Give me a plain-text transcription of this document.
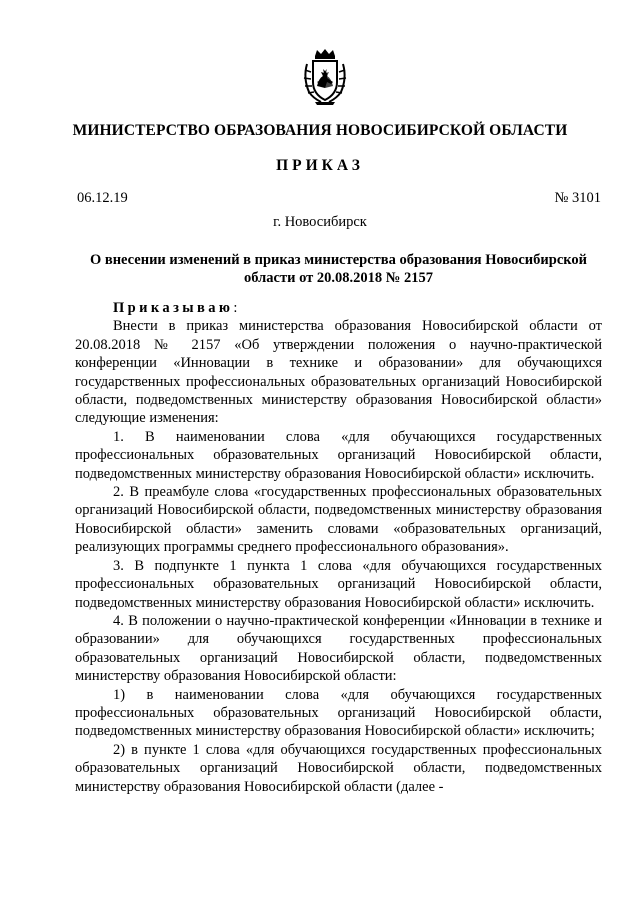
МИНИСТЕРСТВО ОБРАЗОВАНИЯ НОВОСИБИРСКОЙ ОБЛАСТИ
ПРИКАЗ
06.12.19	№ 3101
г. Новосибирск
О внесении изменений в приказ министерства образования Новосибирской области от 20.08.2018 № 2157

Приказываю:

Внести в приказ министерства образования Новосибирской области от 20.08.2018 № 2157 «Об утверждении положения о научно-практической конференции «Инновации в технике и образовании» для обучающихся государственных профессиональных образовательных организаций Новосибирской области, подведомственных министерству образования Новосибирской области» следующие изменения:

1. В наименовании слова «для обучающихся государственных профессиональных образовательных организаций Новосибирской области, подведомственных министерству образования Новосибирской области» исключить.

2. В преамбуле слова «государственных профессиональных образовательных организаций Новосибирской области, подведомственных министерству образования Новосибирской области» заменить словами «образовательных организаций, реализующих программы среднего профессионального образования».

3. В подпункте 1 пункта 1 слова «для обучающихся государственных профессиональных образовательных организаций Новосибирской области, подведомственных министерству образования Новосибирской области» исключить.

4. В положении о научно-практической конференции «Инновации в технике и образовании» для обучающихся государственных профессиональных образовательных организаций Новосибирской области, подведомственных министерству образования Новосибирской области:

1) в наименовании слова «для обучающихся государственных профессиональных образовательных организаций Новосибирской области, подведомственных министерству образования Новосибирской области» исключить;

2) в пункте 1 слова «для обучающихся государственных профессиональных образовательных организаций Новосибирской области, подведомственных министерству образования Новосибирской области (далее -
